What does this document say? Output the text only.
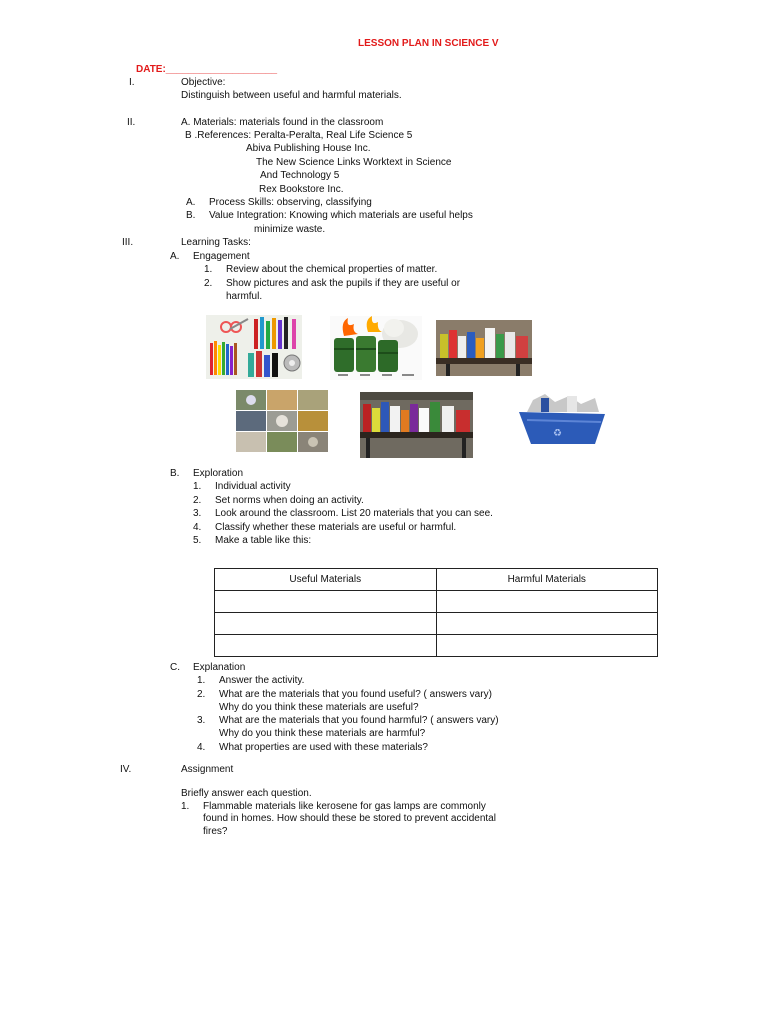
LESSON PLAN IN SCIENCE V
DATE:____________________
I.	Objective:
Distinguish between useful and harmful materials.
II.	A. Materials: materials found in the classroom
B .References: Peralta-Peralta, Real Life Science 5
Abiva Publishing House Inc.
The New Science Links Worktext in Science
And Technology 5
Rex Bookstore Inc.
A. Process Skills: observing, classifying
B. Value Integration: Knowing which materials are useful helps
minimize waste.
III.	Learning Tasks:
A. Engagement
1. Review about the chemical properties of matter.
2. Show pictures and ask the pupils if they are useful or
harmful.
♻
B. Exploration
1. Individual activity
2. Set norms when doing an activity.
3. Look around the classroom. List 20 materials that you can see.
4. Classify whether these materials are useful or harmful.
5. Make a table like this:
Useful Materials	Harmful Materials

C. Explanation
1. Answer the activity.
2. What are the materials that you found useful? ( answers vary)
Why do you think these materials are useful?
3. What are the materials that you found harmful? ( answers vary)
Why do you think these materials are harmful?
4. What properties are used with these materials?
IV.	Assignment
Briefly answer each question.
1. Flammable materials like kerosene for gas lamps are commonly
found in homes. How should these be stored to prevent accidental
fires?
